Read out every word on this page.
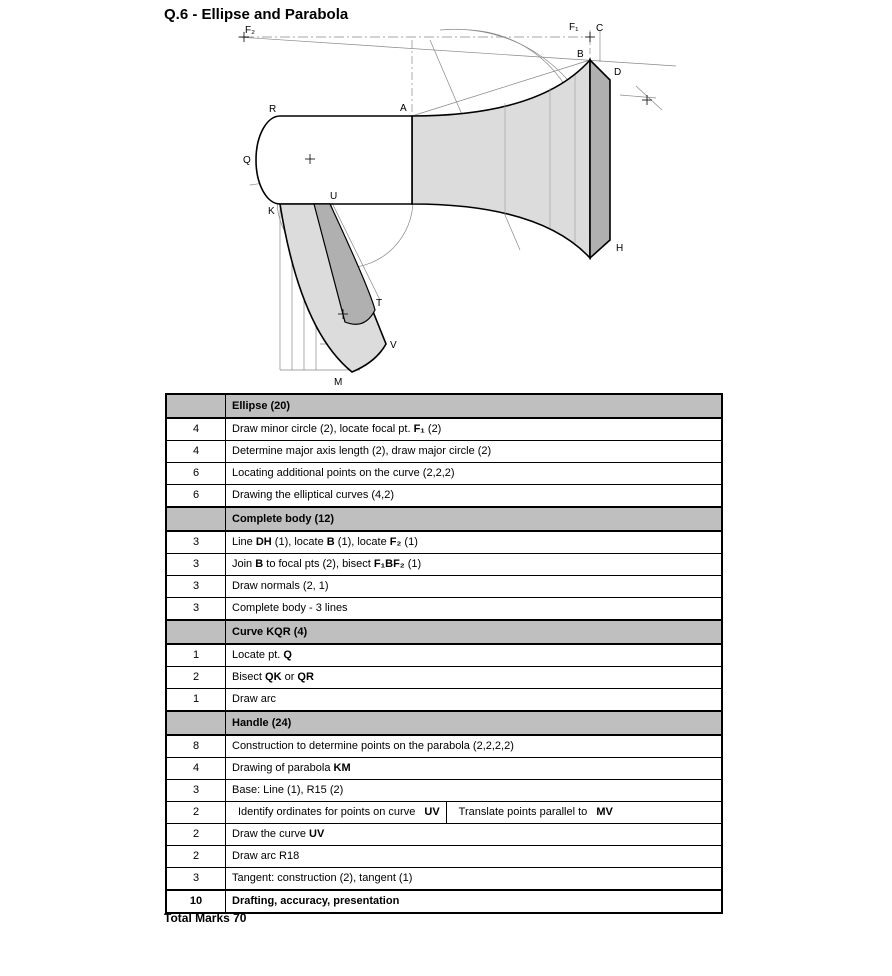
Q.6 - Ellipse and Parabola
F₂	F₁ C
B
D
R	A
Q
U
K
H
T
V
M
	Ellipse (20)
4	Draw minor circle (2), locate focal pt. F₁ (2)
4	Determine major axis length (2), draw major circle (2)
6	Locating additional points on the curve (2,2,2)
6	Drawing the elliptical curves (4,2)
	Complete body (12)
3	Line DH (1), locate B (1), locate F₂ (1)
3	Join B to focal pts (2), bisect F₁BF₂ (1)
3	Draw normals (2, 1)
3	Complete body - 3 lines
	Curve KQR (4)
1	Locate pt. Q
2	Bisect QK or QR
1	Draw arc
	Handle (24)
8	Construction to determine points on the parabola (2,2,2,2)
4	Drawing of parabola KM
3	Base: Line (1), R15 (2)
2	Identify ordinates for points on curve UV Translate points parallel to MV

2	Draw the curve UV
2	Draw arc R18
3	Tangent: construction (2), tangent (1)
10	Drafting, accuracy, presentation
Total Marks 70
